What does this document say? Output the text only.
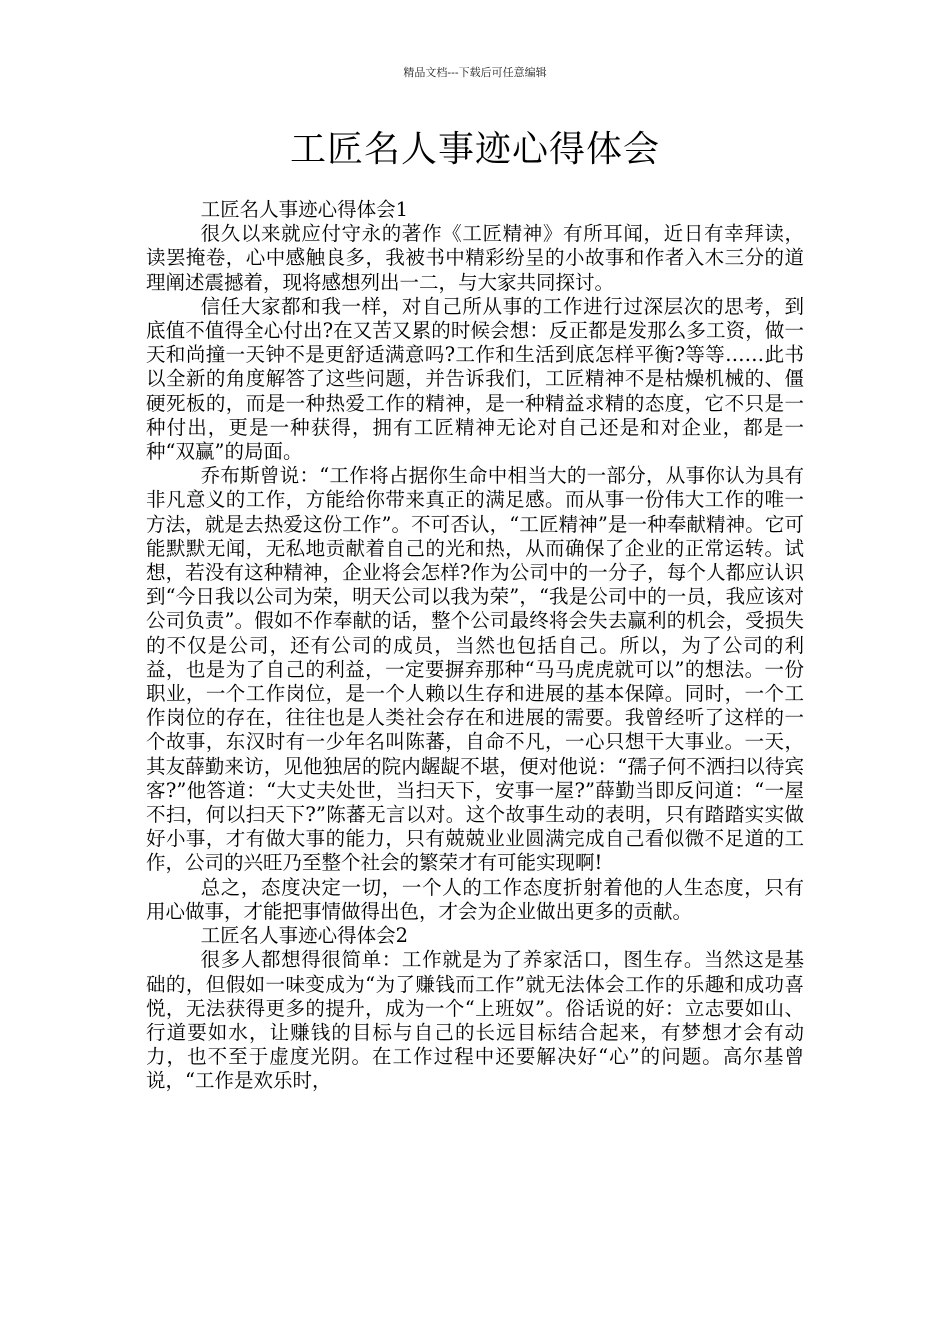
精品文档---下载后可任意编辑
工匠名人事迹心得体会

工匠名人事迹心得体会1

很久以来就应付守永的著作《工匠精神》有所耳闻，近日有幸拜读，读罢掩卷，心中感触良多，我被书中精彩纷呈的小故事和作者入木三分的道理阐述震撼着，现将感想列出一二，与大家共同探讨。

信任大家都和我一样，对自己所从事的工作进行过深层次的思考，到底值不值得全心付出?在又苦又累的时候会想：反正都是发那么多工资，做一天和尚撞一天钟不是更舒适满意吗?工作和生活到底怎样平衡?等等……此书以全新的角度解答了这些问题，并告诉我们，工匠精神不是枯燥机械的、僵硬死板的，而是一种热爱工作的精神，是一种精益求精的态度，它不只是一种付出，更是一种获得，拥有工匠精神无论对自己还是和对企业，都是一种“双赢”的局面。

乔布斯曾说：“工作将占据你生命中相当大的一部分，从事你认为具有非凡意义的工作，方能给你带来真正的满足感。而从事一份伟大工作的唯一方法，就是去热爱这份工作”。不可否认，“工匠精神”是一种奉献精神。它可能默默无闻，无私地贡献着自己的光和热，从而确保了企业的正常运转。试想，若没有这种精神，企业将会怎样?作为公司中的一分子，每个人都应认识到“今日我以公司为荣，明天公司以我为荣”，“我是公司中的一员，我应该对公司负责”。假如不作奉献的话，整个公司最终将会失去赢利的机会，受损失的不仅是公司，还有公司的成员，当然也包括自己。所以，为了公司的利益，也是为了自己的利益，一定要摒弃那种“马马虎虎就可以”的想法。一份职业，一个工作岗位，是一个人赖以生存和进展的基本保障。同时，一个工作岗位的存在，往往也是人类社会存在和进展的需要。我曾经听了这样的一个故事，东汉时有一少年名叫陈蕃，自命不凡，一心只想干大事业。一天，其友薛勤来访，见他独居的院内龌龊不堪，便对他说：“孺子何不洒扫以待宾客?”他答道：“大丈夫处世，当扫天下，安事一屋?”薛勤当即反问道：“一屋不扫，何以扫天下?”陈蕃无言以对。这个故事生动的表明，只有踏踏实实做好小事，才有做大事的能力，只有兢兢业业圆满完成自己看似微不足道的工作，公司的兴旺乃至整个社会的繁荣才有可能实现啊!

总之，态度决定一切，一个人的工作态度折射着他的人生态度，只有用心做事，才能把事情做得出色，才会为企业做出更多的贡献。

工匠名人事迹心得体会2

很多人都想得很简单：工作就是为了养家活口，图生存。当然这是基础的，但假如一味变成为“为了赚钱而工作”就无法体会工作的乐趣和成功喜悦，无法获得更多的提升，成为一个“上班奴”。俗话说的好：立志要如山、行道要如水，让赚钱的目标与自己的长远目标结合起来，有梦想才会有动力，也不至于虚度光阴。在工作过程中还要解决好“心”的问题。高尔基曾说，“工作是欢乐时，
